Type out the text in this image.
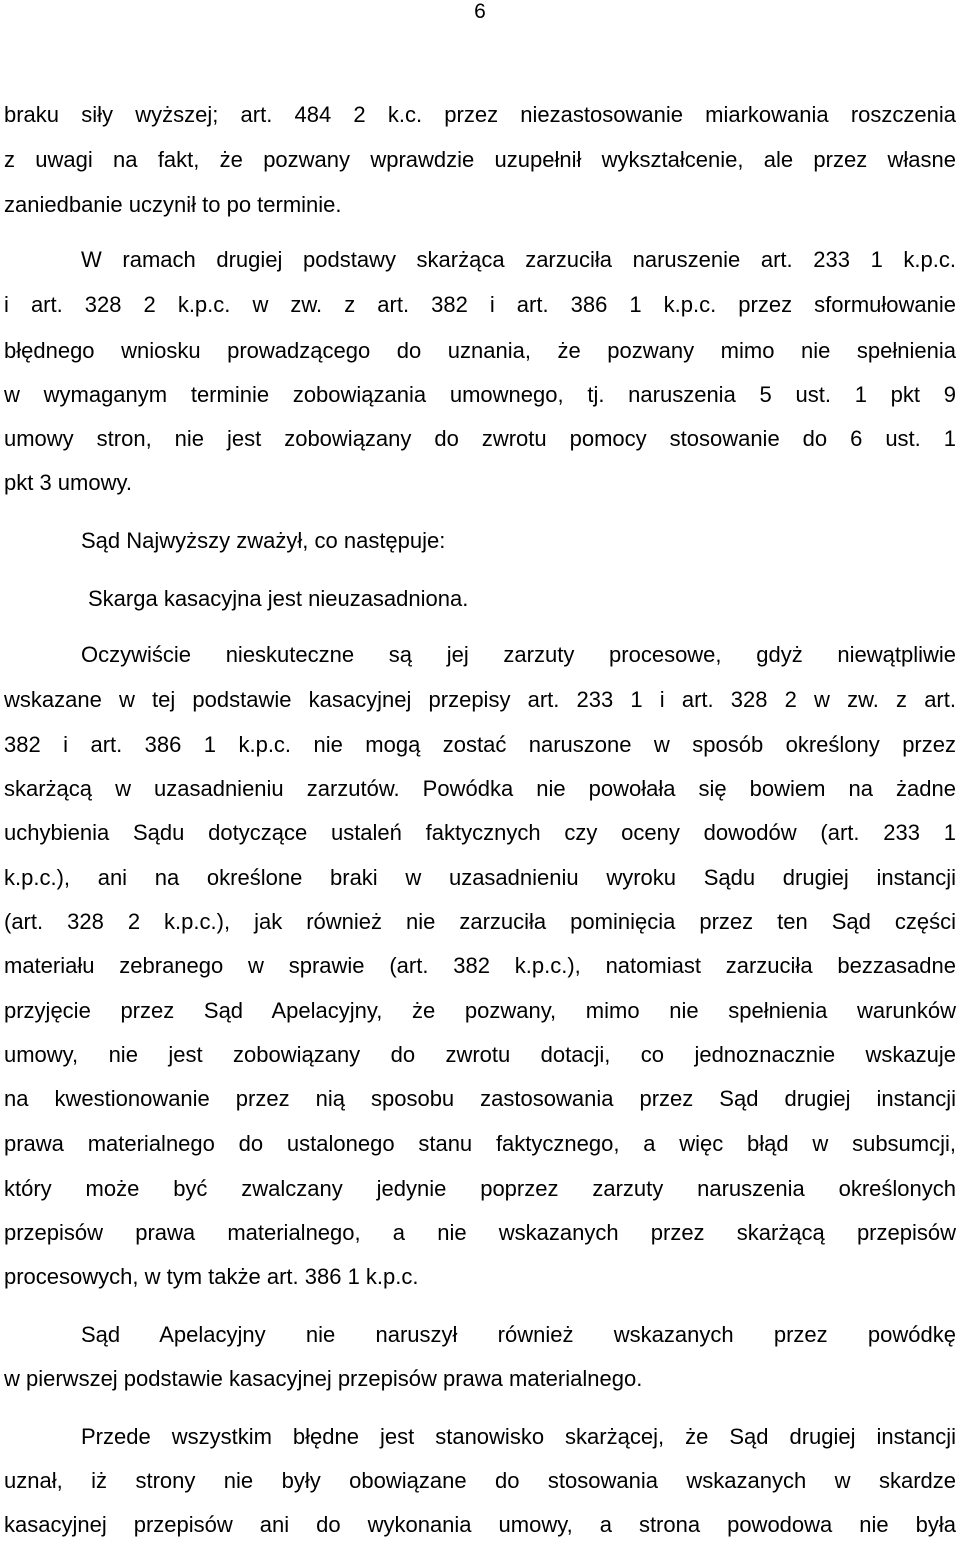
6
braku siły wyższej; art. 484 2 k.c. przez niezastosowanie miarkowania roszczenia
z uwagi na fakt, że pozwany wprawdzie uzupełnił wykształcenie, ale przez własne
zaniedbanie uczynił to po terminie.
W ramach drugiej podstawy skarżąca zarzuciła naruszenie art. 233 1 k.p.c.
i art. 328 2 k.p.c. w zw. z art. 382 i art. 386 1 k.p.c. przez sformułowanie
błędnego wniosku prowadzącego do uznania, że pozwany mimo nie spełnienia
w wymaganym terminie zobowiązania umownego, tj. naruszenia 5 ust. 1 pkt 9
umowy stron, nie jest zobowiązany do zwrotu pomocy stosowanie do 6 ust. 1
pkt 3 umowy.
Sąd Najwyższy zważył, co następuje:
Skarga kasacyjna jest nieuzasadniona.
Oczywiście nieskuteczne są jej zarzuty procesowe, gdyż niewątpliwie
wskazane w tej podstawie kasacyjnej przepisy art. 233 1 i art. 328 2 w zw. z art.
382 i art. 386 1 k.p.c. nie mogą zostać naruszone w sposób określony przez
skarżącą w uzasadnieniu zarzutów. Powódka nie powołała się bowiem na żadne
uchybienia Sądu dotyczące ustaleń faktycznych czy oceny dowodów (art. 233 1
k.p.c.), ani na określone braki w uzasadnieniu wyroku Sądu drugiej instancji
(art. 328 2 k.p.c.), jak również nie zarzuciła pominięcia przez ten Sąd części
materiału zebranego w sprawie (art. 382 k.p.c.), natomiast zarzuciła bezzasadne
przyjęcie przez Sąd Apelacyjny, że pozwany, mimo nie spełnienia warunków
umowy, nie jest zobowiązany do zwrotu dotacji, co jednoznacznie wskazuje
na kwestionowanie przez nią sposobu zastosowania przez Sąd drugiej instancji
prawa materialnego do ustalonego stanu faktycznego, a więc błąd w subsumcji,
który może być zwalczany jedynie poprzez zarzuty naruszenia określonych
przepisów prawa materialnego, a nie wskazanych przez skarżącą przepisów
procesowych, w tym także art. 386 1 k.p.c.
Sąd Apelacyjny nie naruszył również wskazanych przez powódkę
w pierwszej podstawie kasacyjnej przepisów prawa materialnego.
Przede wszystkim błędne jest stanowisko skarżącej, że Sąd drugiej instancji
uznał, iż strony nie były obowiązane do stosowania wskazanych w skardze
kasacyjnej przepisów ani do wykonania umowy, a strona powodowa nie była
